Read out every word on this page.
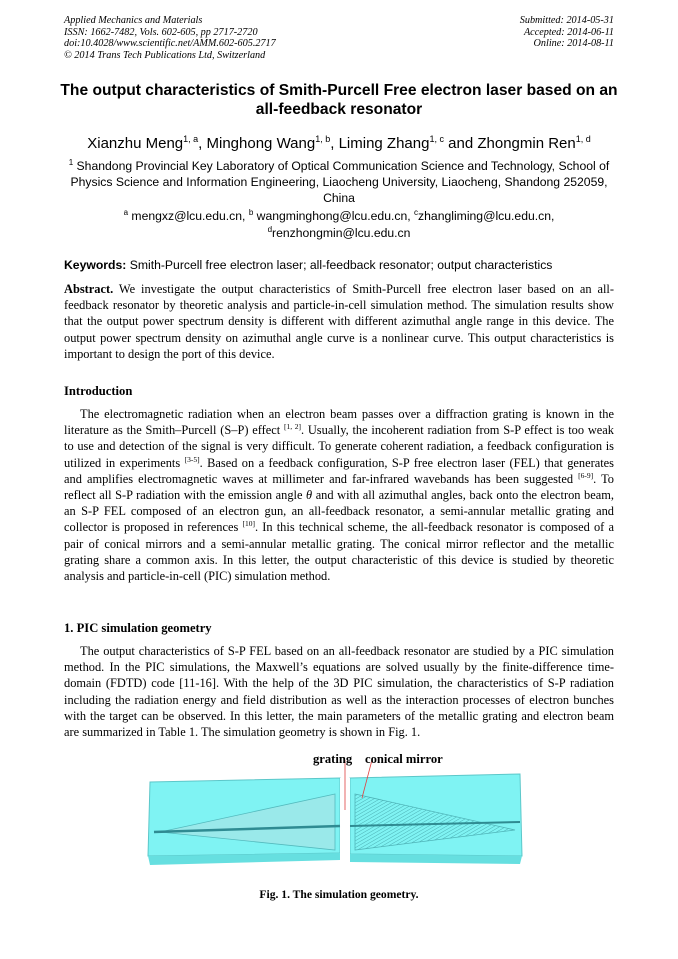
Applied Mechanics and Materials
ISSN: 1662-7482, Vols. 602-605, pp 2717-2720
doi:10.4028/www.scientific.net/AMM.602-605.2717
© 2014 Trans Tech Publications Ltd, Switzerland
Submitted: 2014-05-31
Accepted: 2014-06-11
Online: 2014-08-11
The output characteristics of Smith-Purcell Free electron laser based on an all-feedback resonator
Xianzhu Meng$^{1, a}$, Minghong Wang$^{1, b}$, Liming Zhang$^{1, c}$ and Zhongmin Ren$^{1, d}$
$^1$ Shandong Provincial Key Laboratory of Optical Communication Science and Technology, School of Physics Science and Information Engineering, Liaocheng University, Liaocheng, Shandong 252059, China
$^a$ mengxz@lcu.edu.cn, $^b$ wangminghong@lcu.edu.cn, $^c$zhangliming@lcu.edu.cn,
$^d$renzhongmin@lcu.edu.cn
Keywords: Smith-Purcell free electron laser; all-feedback resonator; output characteristics

Abstract. We investigate the output characteristics of Smith-Purcell free electron laser based on an all-feedback resonator by theoretic analysis and particle-in-cell simulation method. The simulation results show that the output power spectrum density is different with different azimuthal angle range in this device. The output power spectrum density on azimuthal angle curve is a nonlinear curve. This output characteristics is important to design the port of this device.

Introduction

The electromagnetic radiation when an electron beam passes over a diffraction grating is known in the literature as the Smith–Purcell (S–P) effect [1, 2]. Usually, the incoherent radiation from S-P effect is too weak to use and detection of the signal is very difficult. To generate coherent radiation, a feedback configuration is utilized in experiments [3-5]. Based on a feedback configuration, S-P free electron laser (FEL) that generates and amplifies electromagnetic waves at millimeter and far-infrared wavebands has been suggested [6-9]. To reflect all S-P radiation with the emission angle θ and with all azimuthal angles, back onto the electron beam, an S-P FEL composed of an electron gun, an all-feedback resonator, a semi-annular metallic grating and collector is proposed in references [10]. In this technical scheme, the all-feedback resonator is composed of a pair of conical mirrors and a semi-annular metallic grating. The conical mirror reflector and the metallic grating share a common axis. In this letter, the output characteristic of this device is studied by theoretic analysis and particle-in-cell (PIC) simulation method.

1. PIC simulation geometry

The output characteristics of S-P FEL based on an all-feedback resonator are studied by a PIC simulation method. In the PIC simulations, the Maxwell’s equations are solved usually by the finite-difference time-domain (FDTD) code [11-16]. With the help of the 3D PIC simulation, the characteristics of S-P radiation including the radiation energy and field distribution as well as the interaction processes of electron bunches with the target can be observed. In this letter, the main parameters of the metallic grating and electron beam are summarized in Table 1. The simulation geometry is shown in Fig. 1.

grating conical mirror
Fig. 1. The simulation geometry.
